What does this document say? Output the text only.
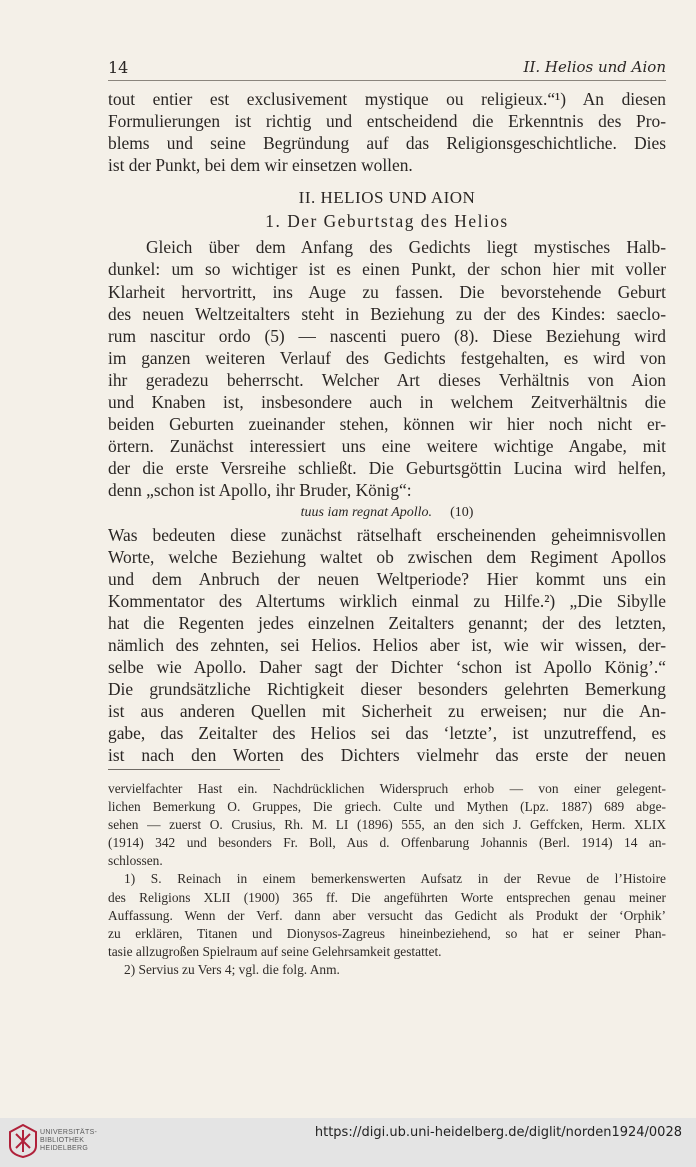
14	II. Helios und Aion
tout entier est exclusivement mystique ou religieux.“¹) An diesen
Formulierungen ist richtig und entscheidend die Erkenntnis des Pro-
blems und seine Begründung auf das Religionsgeschichtliche. Dies
ist der Punkt, bei dem wir einsetzen wollen.
II. HELIOS UND AION
1. Der Geburtstag des Helios
Gleich über dem Anfang des Gedichts liegt mystisches Halb-
dunkel: um so wichtiger ist es einen Punkt, der schon hier mit voller
Klarheit hervortritt, ins Auge zu fassen. Die bevorstehende Geburt
des neuen Weltzeitalters steht in Beziehung zu der des Kindes: saeclo-
rum nascitur ordo (5) — nascenti puero (8). Diese Beziehung wird
im ganzen weiteren Verlauf des Gedichts festgehalten, es wird von
ihr geradezu beherrscht. Welcher Art dieses Verhältnis von Aion
und Knaben ist, insbesondere auch in welchem Zeitverhältnis die
beiden Geburten zueinander stehen, können wir hier noch nicht er-
örtern. Zunächst interessiert uns eine weitere wichtige Angabe, mit
der die erste Versreihe schließt. Die Geburtsgöttin Lucina wird helfen,
denn „schon ist Apollo, ihr Bruder, König“:
tuus iam regnat Apollo. (10)
Was bedeuten diese zunächst rätselhaft erscheinenden geheimnisvollen
Worte, welche Beziehung waltet ob zwischen dem Regiment Apollos
und dem Anbruch der neuen Weltperiode? Hier kommt uns ein
Kommentator des Altertums wirklich einmal zu Hilfe.²) „Die Sibylle
hat die Regenten jedes einzelnen Zeitalters genannt; der des letzten,
nämlich des zehnten, sei Helios. Helios aber ist, wie wir wissen, der-
selbe wie Apollo. Daher sagt der Dichter ‘schon ist Apollo König’.“
Die grundsätzliche Richtigkeit dieser besonders gelehrten Bemerkung
ist aus anderen Quellen mit Sicherheit zu erweisen; nur die An-
gabe, das Zeitalter des Helios sei das ‘letzte’, ist unzutreffend, es
ist nach den Worten des Dichters vielmehr das erste der neuen
vervielfachter Hast ein. Nachdrücklichen Widerspruch erhob — von einer gelegent-
lichen Bemerkung O. Gruppes, Die griech. Culte und Mythen (Lpz. 1887) 689 abge-
sehen — zuerst O. Crusius, Rh. M. LI (1896) 555, an den sich J. Geffcken, Herm. XLIX
(1914) 342 und besonders Fr. Boll, Aus d. Offenbarung Johannis (Berl. 1914) 14 an-
schlossen.
1) S. Reinach in einem bemerkenswerten Aufsatz in der Revue de l’Histoire
des Religions XLII (1900) 365 ff. Die angeführten Worte entsprechen genau meiner
Auffassung. Wenn der Verf. dann aber versucht das Gedicht als Produkt der ‘Orphik’
zu erklären, Titanen und Dionysos-Zagreus hineinbeziehend, so hat er seiner Phan-
tasie allzugroßen Spielraum auf seine Gelehrsamkeit gestattet.
2) Servius zu Vers 4; vgl. die folg. Anm.
UNIVERSITÄTS-
BIBLIOTHEK
HEIDELBERG
https://digi.ub.uni-heidelberg.de/diglit/norden1924/0028
